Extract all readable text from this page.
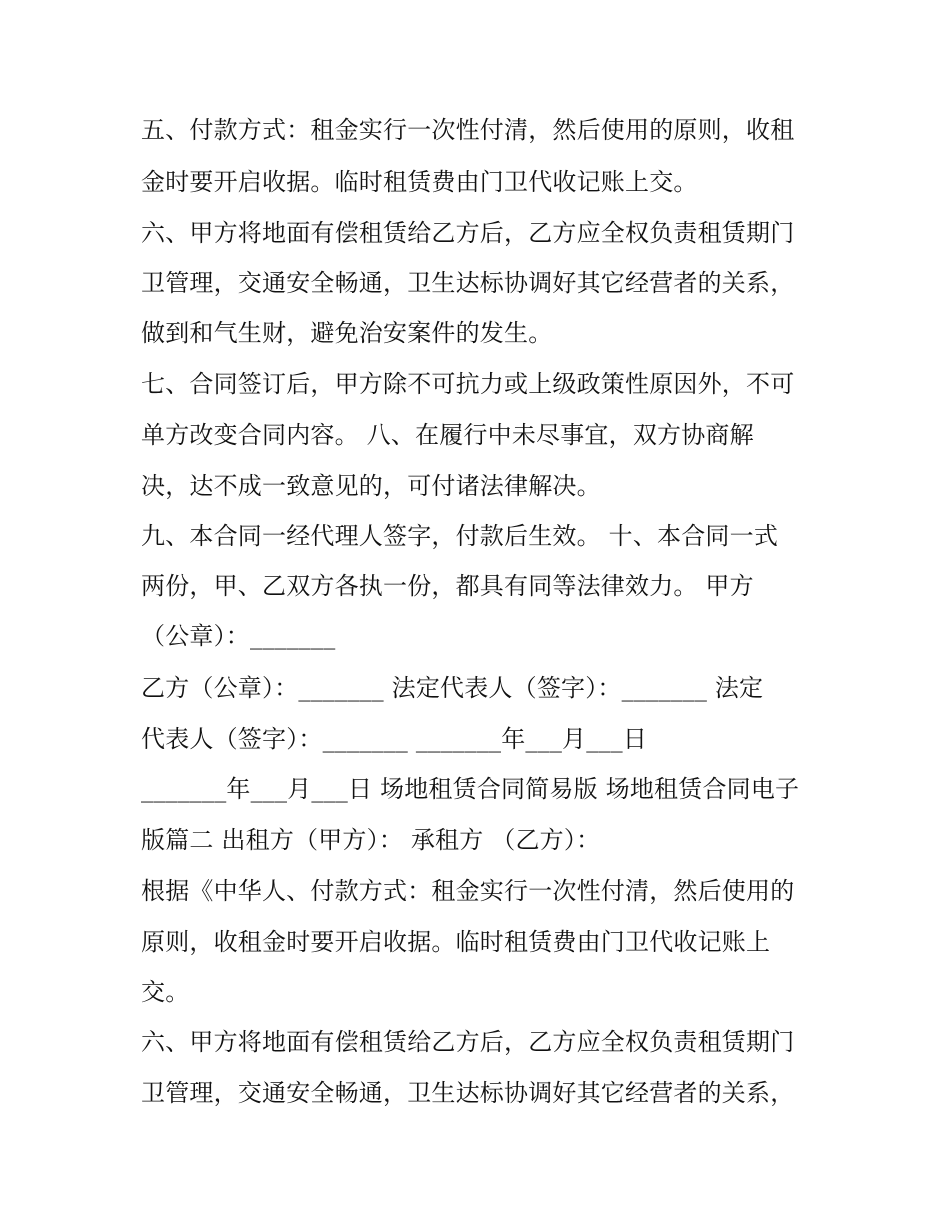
五、付款方式：租金实行一次性付清，然后使用的原则，收租
金时要开启收据。临时租赁费由门卫代收记账上交。
六、甲方将地面有偿租赁给乙方后，乙方应全权负责租赁期门
卫管理，交通安全畅通，卫生达标协调好其它经营者的关系，
做到和气生财，避免治安案件的发生。
七、合同签订后，甲方除不可抗力或上级政策性原因外，不可
单方改变合同内容。 八、在履行中未尽事宜，双方协商解
决，达不成一致意见的，可付诸法律解决。
九、本合同一经代理人签字，付款后生效。 十、本合同一式
两份，甲、乙双方各执一份，都具有同等法律效力。 甲方
（公章）：_______
乙方（公章）：_______ 法定代表人（签字）：_______ 法定
代表人（签字）：_______ _______年___月___日
_______年___月___日 场地租赁合同简易版 场地租赁合同电子
版篇二 出租方（甲方）： 承租方 （乙方）：
根据《中华人、付款方式：租金实行一次性付清，然后使用的
原则，收租金时要开启收据。临时租赁费由门卫代收记账上
交。
六、甲方将地面有偿租赁给乙方后，乙方应全权负责租赁期门
卫管理，交通安全畅通，卫生达标协调好其它经营者的关系，
